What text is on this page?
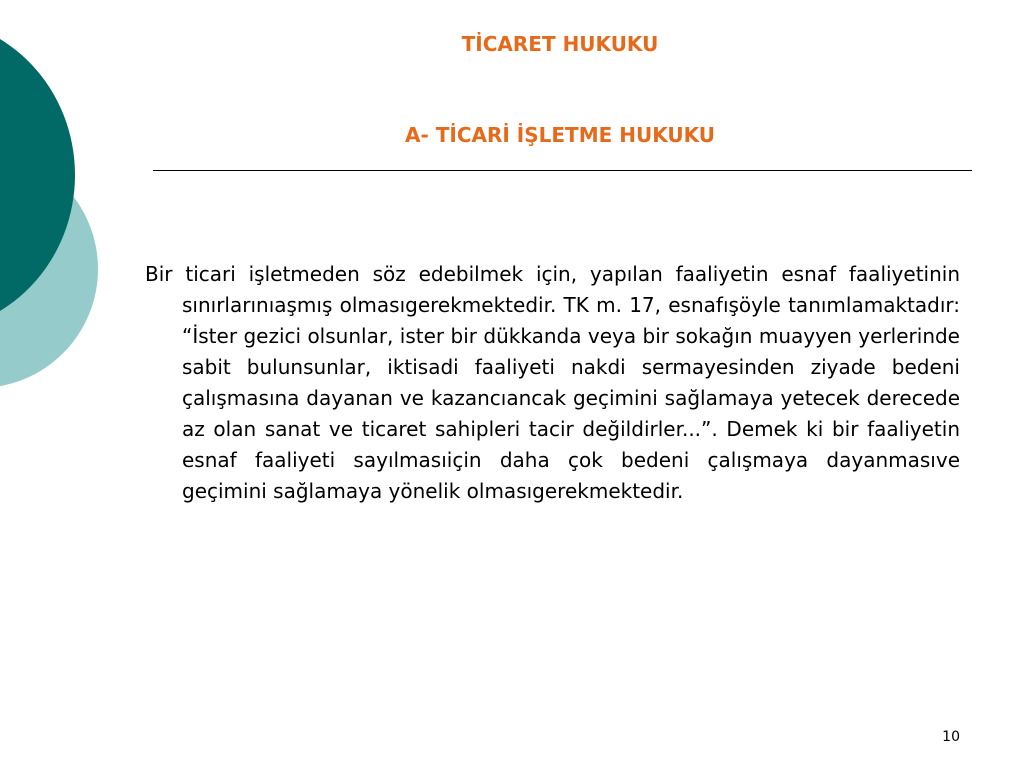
TİCARET HUKUKU
A- TİCARİ İŞLETME HUKUKU

Bir ticari işletmeden söz edebilmek için, yapılan faaliyetin esnaf faaliyetinin sınırlarınıaşmış olmasıgerekmektedir. TK m. 17, esnafışöyle tanımlamaktadır: “İster gezici olsunlar, ister bir dükkanda veya bir sokağın muayyen yerlerinde sabit bulunsunlar, iktisadi faaliyeti nakdi sermayesinden ziyade bedeni çalışmasına dayanan ve kazancıancak geçimini sağlamaya yetecek derecede az olan sanat ve ticaret sahipleri tacir değildirler...”. Demek ki bir faaliyetin esnaf faaliyeti sayılmasıiçin daha çok bedeni çalışmaya dayanmasıve geçimini sağlamaya yönelik olmasıgerekmektedir.

10
